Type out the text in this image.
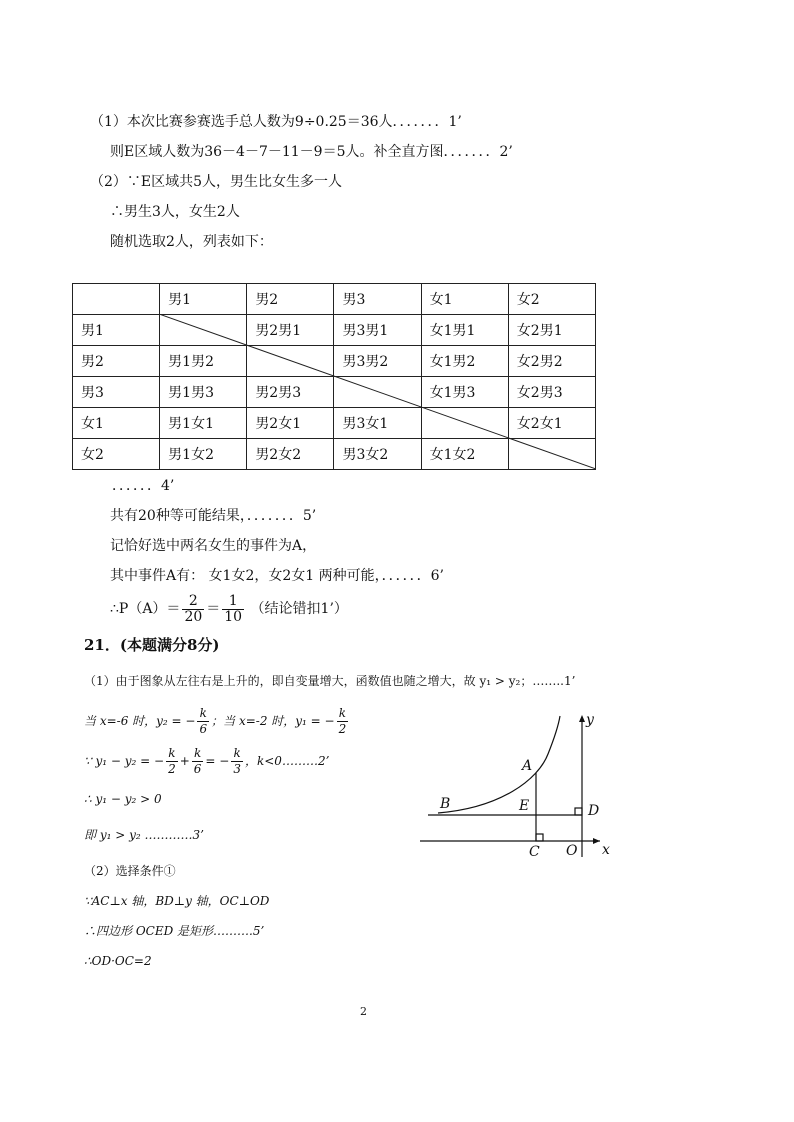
（1）本次比赛参赛选手总人数为9÷0.25＝36人．．．．．．．1’
则E区域人数为36－4－7－11－9＝5人。补全直方图．．．．．．．2’
（2）∵E区域共5人，男生比女生多一人
∴男生3人，女生2人
随机选取2人，列表如下：
	男1	男2	男3	女1	女2
男1		男2男1	男3男1	女1男1	女2男1
男2	男1男2		男3男2	女1男2	女2男2
男3	男1男3	男2男3		女1男3	女2男3
女1	男1女1	男2女1	男3女1		女2女1
女2	男1女2	男2女2	男3女2	女1女2	
．．．．．．4’
共有20种等可能结果，．．．．．．．5’
记恰好选中两名女生的事件为A，
其中事件A有： 女1女2，女2女1 两种可能，．．．．．．6’
∴P（A）＝ $\frac{2}{20} = \frac{1}{10}$ （结论错扣1’）
21．(本题满分8分)
（1）由于图象从左往右是上升的，即自变量增大，函数值也随之增大，故 y₁ > y₂；……..1’
当 x=-6 时，y₂ = − $\frac{k}{6}$ ；当 x=-2 时，y₁ = − $\frac{k}{2}$
∵ y₁ − y₂ = − $\frac{k}{2} + \frac{k}{6}$ = − $\frac{k}{3}$ ，k<0………2’
∴ y₁ − y₂ > 0
即 y₁ > y₂ …………3’
（2）选择条件①
∵AC⊥x 轴，BD⊥y 轴，OC⊥OD
∴四边形 OCED 是矩形……….5’
∴OD·OC=2
y
x
A
B
C
D
E
O
2
